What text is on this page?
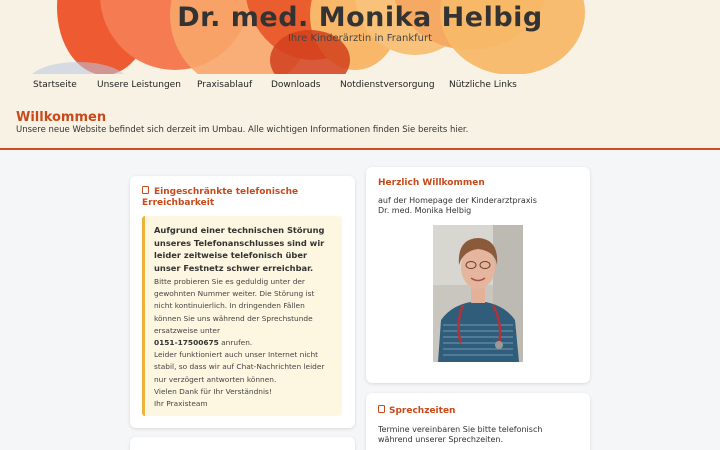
Dr. med. Monika Helbig
Ihre Kinderärztin in Frankfurt
Startseite Unsere Leistungen Praxisablauf Downloads Notdienstversorgung Nützliche Links
Willkommen
Unsere neue Website befindet sich derzeit im Umbau. Alle wichtigen Informationen finden Sie bereits hier.
Eingeschränkte telefonische Erreichbarkeit
Aufgrund einer technischen Störung unseres Telefonanschlusses sind wir leider zeitweise telefonisch über unser Festnetz schwer erreichbar.
Bitte probieren Sie es geduldig unter der gewohnten Nummer weiter. Die Störung ist nicht kontinuierlich. In dringenden Fällen können Sie uns während der Sprechstunde ersatzweise unter
0151-17500675 anrufen.
Leider funktioniert auch unser Internet nicht stabil, so dass wir auf Chat-Nachrichten leider nur verzögert antworten können.
Vielen Dank für Ihr Verständnis!
Ihr Praxisteam
Herzlich Willkommen
auf der Homepage der Kinderarztpraxis
Dr. med. Monika Helbig
Sprechzeiten
Termine vereinbaren Sie bitte telefonisch
während unserer Sprechzeiten.
